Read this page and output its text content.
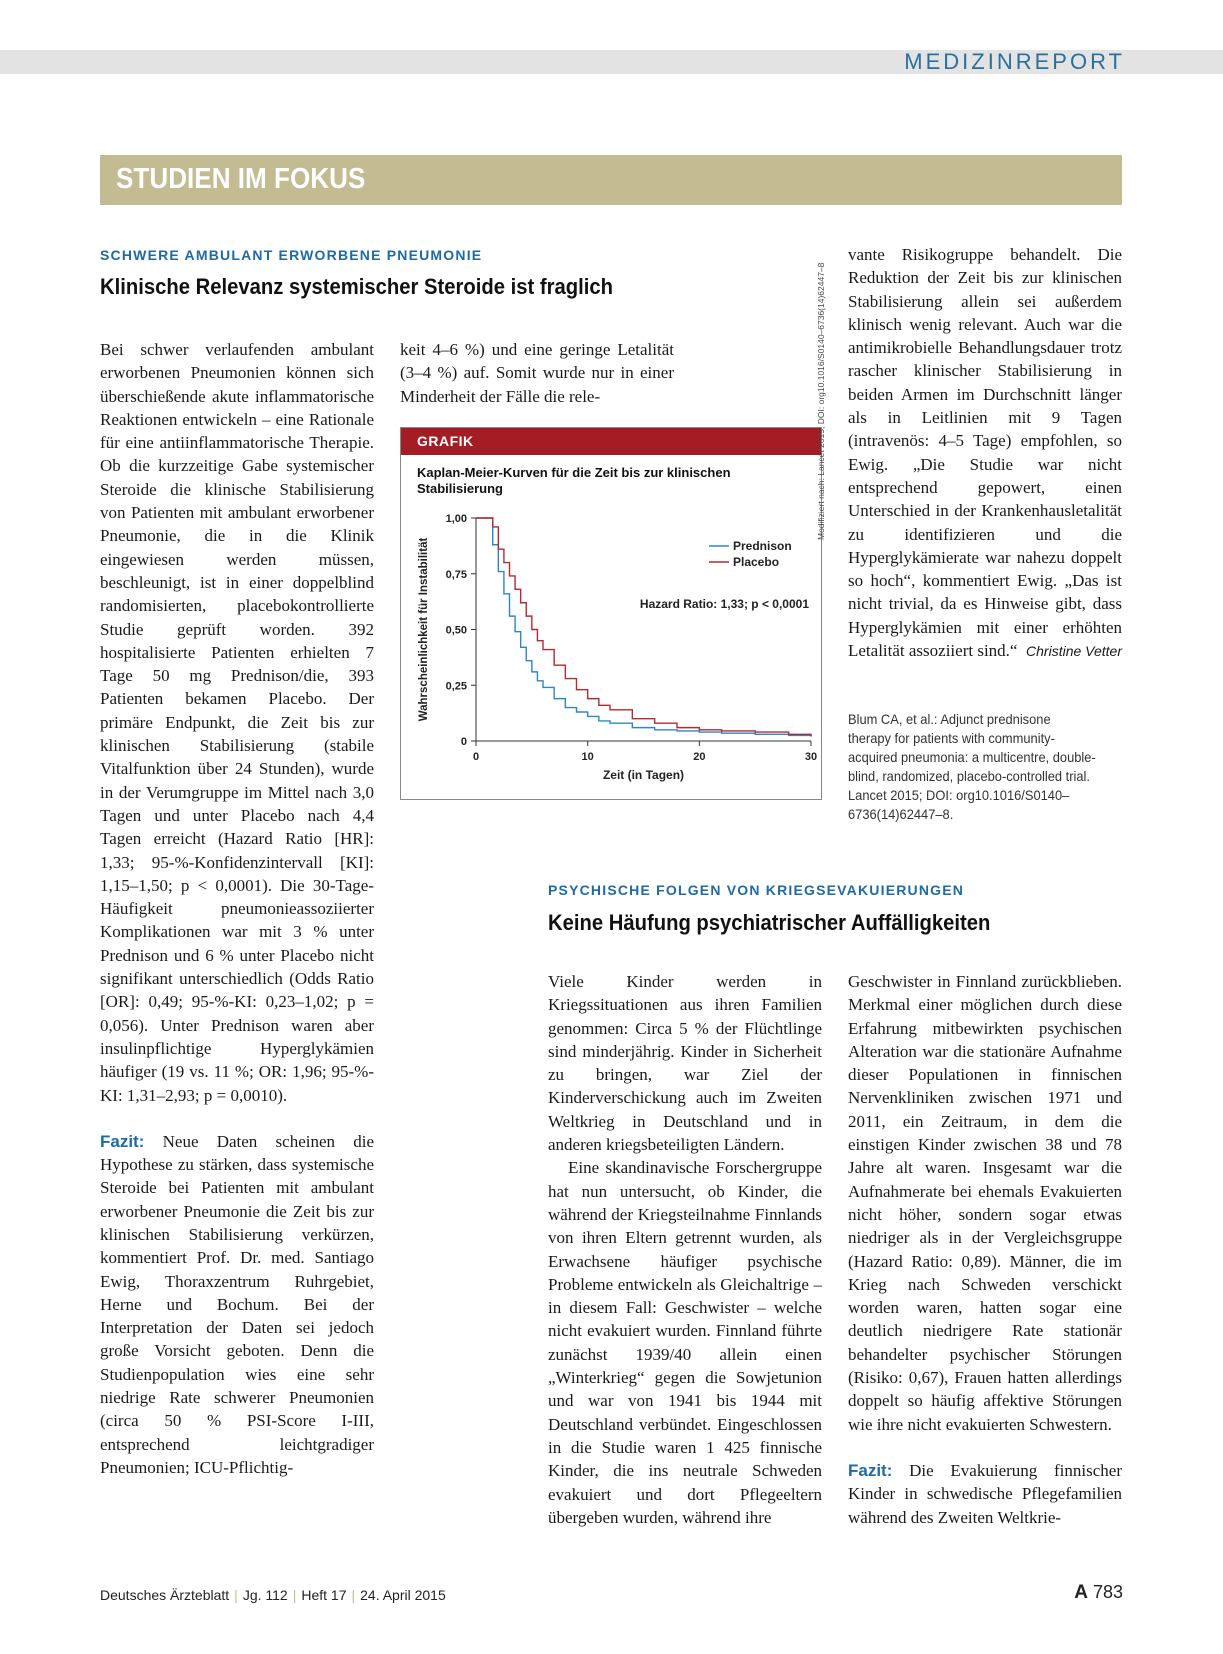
MEDIZINREPORT
STUDIEN IM FOKUS
SCHWERE AMBULANT ERWORBENE PNEUMONIE
Klinische Relevanz systemischer Steroide ist fraglich

Bei schwer verlaufenden ambulant erworbenen Pneumonien können sich überschießende akute inflammatorische Reaktionen entwickeln – eine Rationale für eine antiinflammatorische Therapie. Ob die kurzzeitige Gabe systemischer Steroide die klinische Stabilisierung von Patienten mit ambulant erworbener Pneumonie, die in die Klinik eingewiesen werden müssen, beschleunigt, ist in einer doppelblind randomisierten, placebokontrollierte Studie geprüft worden. 392 hospitalisierte Patienten erhielten 7 Tage 50 mg Prednison/die, 393 Patienten bekamen Placebo. Der primäre Endpunkt, die Zeit bis zur klinischen Stabilisierung (stabile Vitalfunktion über 24 Stunden), wurde in der Verumgruppe im Mittel nach 3,0 Tagen und unter Placebo nach 4,4 Tagen erreicht (Hazard Ratio [HR]: 1,33; 95-%-Konfidenzintervall [KI]: 1,15–1,50; p < 0,0001). Die 30-Tage-Häufigkeit pneumonieassoziierter Komplikationen war mit 3 % unter Prednison und 6 % unter Placebo nicht signifikant unterschiedlich (Odds Ratio [OR]: 0,49; 95-%-KI: 0,23–1,02; p = 0,056). Unter Prednison waren aber insulinpflichtige Hyperglykämien häufiger (19 vs. 11 %; OR: 1,96; 95-%-KI: 1,31–2,93; p = 0,0010).

Fazit: Neue Daten scheinen die Hypothese zu stärken, dass systemische Steroide bei Patienten mit ambulant erworbener Pneumonie die Zeit bis zur klinischen Stabilisierung verkürzen, kommentiert Prof. Dr. med. Santiago Ewig, Thoraxzentrum Ruhrgebiet, Herne und Bochum. Bei der Interpretation der Daten sei jedoch große Vorsicht geboten. Denn die Studienpopulation wies eine sehr niedrige Rate schwerer Pneumonien (circa 50 % PSI-Score I-III, entsprechend leichtgradiger Pneumonien; ICU-Pflichtig-

keit 4–6 %) und eine geringe Letalität (3–4 %) auf. Somit wurde nur in einer Minderheit der Fälle die rele-

vante Risikogruppe behandelt. Die Reduktion der Zeit bis zur klinischen Stabilisierung allein sei außerdem klinisch wenig relevant. Auch war die antimikrobielle Behandlungsdauer trotz rascher klinischer Stabilisierung in beiden Armen im Durchschnitt länger als in Leitlinien mit 9 Tagen (intravenös: 4–5 Tage) empfohlen, so Ewig. „Die Studie war nicht entsprechend gepowert, einen Unterschied in der Krankenhausletalität zu identifizieren und die Hyperglykämierate war nahezu doppelt so hoch“, kommentiert Ewig. „Das ist nicht trivial, da es Hinweise gibt, dass Hyperglykämien mit einer erhöhten Letalität assoziiert sind.“ Christine Vetter
GRAFIK
Kaplan-Meier-Kurven für die Zeit bis zur klinischen Stabilisierung
0
0,25
0,50
0,75
1,00
0	10	20	30
Zeit (in Tagen)
Wahrscheinlichkeit für Instabilität	Prednison
Placebo
Hazard Ratio: 1,33; p < 0,0001
Modifiziert nach: Lancet 2015; DOI: org10.1016/S0140–6736(14)62447–8
Blum CA, et al.: Adjunct prednisone therapy for patients with community-acquired pneumonia: a multicentre, double-blind, randomized, placebo-controlled trial. Lancet 2015; DOI: org10.1016/S0140–6736(14)62447–8.
PSYCHISCHE FOLGEN VON KRIEGSEVAKUIERUNGEN
Keine Häufung psychiatrischer Auffälligkeiten

Viele Kinder werden in Kriegssituationen aus ihren Familien genommen: Circa 5 % der Flüchtlinge sind minderjährig. Kinder in Sicherheit zu bringen, war Ziel der Kinderverschickung auch im Zweiten Weltkrieg in Deutschland und in anderen kriegsbeteiligten Ländern.

Eine skandinavische Forschergruppe hat nun untersucht, ob Kinder, die während der Kriegsteilnahme Finnlands von ihren Eltern getrennt wurden, als Erwachsene häufiger psychische Probleme entwickeln als Gleichaltrige – in diesem Fall: Geschwister – welche nicht evakuiert wurden. Finnland führte zunächst 1939/40 allein einen „Winterkrieg“ gegen die Sowjetunion und war von 1941 bis 1944 mit Deutschland verbündet. Eingeschlossen in die Studie waren 1 425 finnische Kinder, die ins neutrale Schweden evakuiert und dort Pflegeeltern übergeben wurden, während ihre

Geschwister in Finnland zurückblieben. Merkmal einer möglichen durch diese Erfahrung mitbewirkten psychischen Alteration war die stationäre Aufnahme dieser Populationen in finnischen Nervenkliniken zwischen 1971 und 2011, ein Zeitraum, in dem die einstigen Kinder zwischen 38 und 78 Jahre alt waren. Insgesamt war die Aufnahmerate bei ehemals Evakuierten nicht höher, sondern sogar etwas niedriger als in der Vergleichsgruppe (Hazard Ratio: 0,89). Männer, die im Krieg nach Schweden verschickt worden waren, hatten sogar eine deutlich niedrigere Rate stationär behandelter psychischer Störungen (Risiko: 0,67), Frauen hatten allerdings doppelt so häufig affektive Störungen wie ihre nicht evakuierten Schwestern.

Fazit: Die Evakuierung finnischer Kinder in schwedische Pflegefamilien während des Zweiten Weltkrie-

Deutsches Ärzteblatt | Jg. 112 | Heft 17 | 24. April 2015	A 783
